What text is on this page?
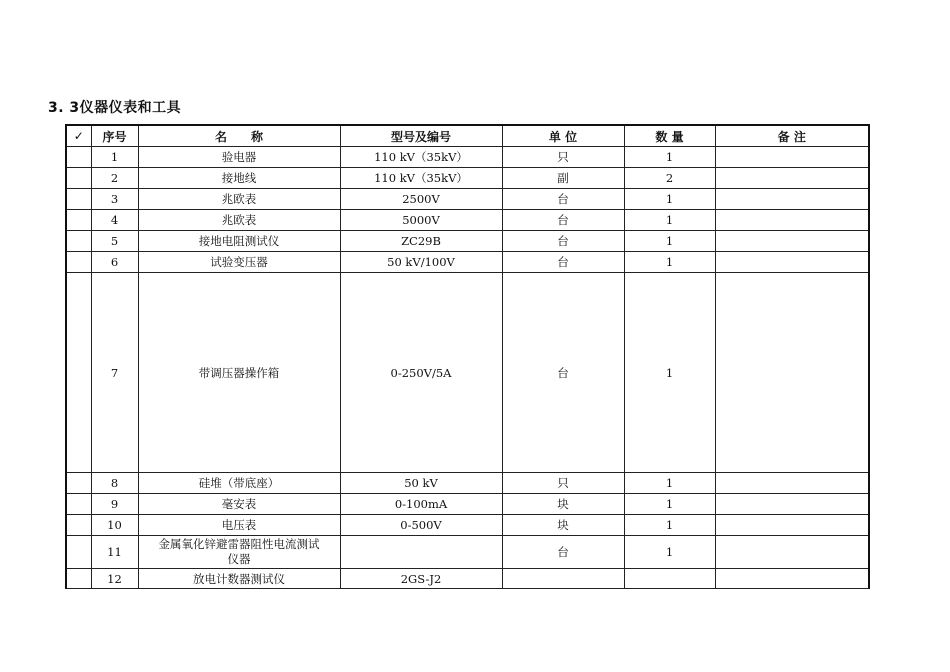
3. 3仪器仪表和工具
✓	序号	名　　称	型号及编号	单 位	数 量	备 注
	1	验电器	110 kV（35kV）	只	1	
	2	接地线	110 kV（35kV）	副	2	
	3	兆欧表	2500V	台	1	
	4	兆欧表	5000V	台	1	
	5	接地电阻测试仪	ZC29B	台	1	
	6	试验变压器	50 kV/100V	台	1	
	7	带调压器操作箱	0-250V/5A	台	1	
	8	硅堆（带底座）	50 kV	只	1	
	9	毫安表	0-100mA	块	1	
	10	电压表	0-500V	块	1	
	11	金属氧化锌避雷器阻性电流测试仪器		台	1	
	12	放电计数器测试仪	2GS-J2			
